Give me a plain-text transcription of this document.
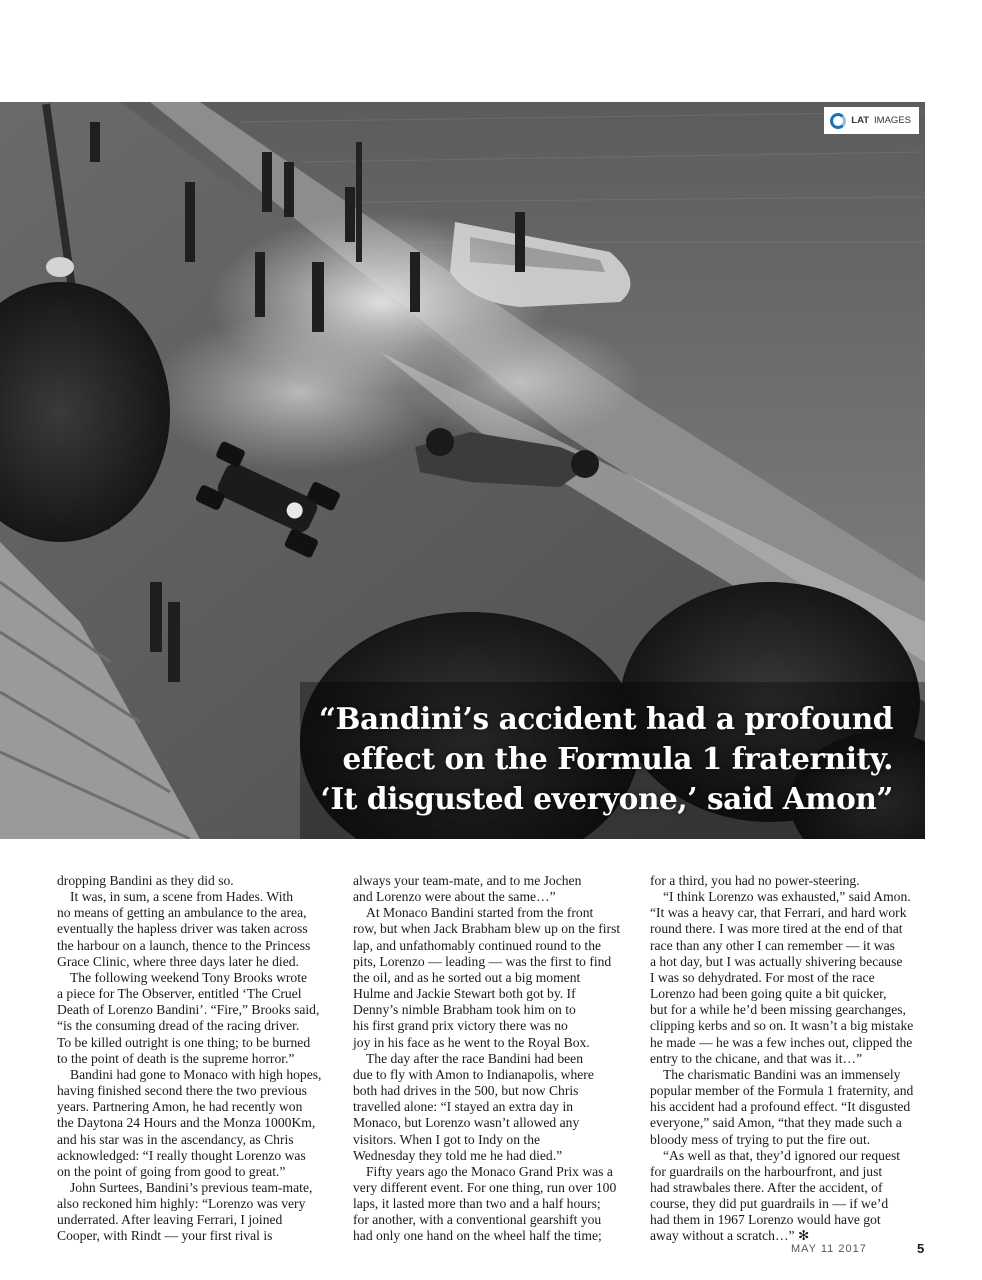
LAT IMAGES
“Bandini’s accident had a profound
effect on the Formula 1 fraternity.
‘It disgusted everyone,’ said Amon”
dropping Bandini as they did so.
It was, in sum, a scene from Hades. With
no means of getting an ambulance to the area,
eventually the hapless driver was taken across
the harbour on a launch, thence to the Princess
Grace Clinic, where three days later he died.
The following weekend Tony Brooks wrote
a piece for The Observer, entitled ‘The Cruel
Death of Lorenzo Bandini’. “Fire,” Brooks said,
“is the consuming dread of the racing driver.
To be killed outright is one thing; to be burned
to the point of death is the supreme horror.”
Bandini had gone to Monaco with high hopes,
having finished second there the two previous
years. Partnering Amon, he had recently won
the Daytona 24 Hours and the Monza 1000Km,
and his star was in the ascendancy, as Chris
acknowledged: “I really thought Lorenzo was
on the point of going from good to great.”
John Surtees, Bandini’s previous team-mate,
also reckoned him highly: “Lorenzo was very
underrated. After leaving Ferrari, I joined
Cooper, with Rindt — your first rival is
always your team-mate, and to me Jochen
and Lorenzo were about the same…”
At Monaco Bandini started from the front
row, but when Jack Brabham blew up on the first
lap, and unfathomably continued round to the
pits, Lorenzo — leading — was the first to find
the oil, and as he sorted out a big moment
Hulme and Jackie Stewart both got by. If
Denny’s nimble Brabham took him on to
his first grand prix victory there was no
joy in his face as he went to the Royal Box.
The day after the race Bandini had been
due to fly with Amon to Indianapolis, where
both had drives in the 500, but now Chris
travelled alone: “I stayed an extra day in
Monaco, but Lorenzo wasn’t allowed any
visitors. When I got to Indy on the
Wednesday they told me he had died.”
Fifty years ago the Monaco Grand Prix was a
very different event. For one thing, run over 100
laps, it lasted more than two and a half hours;
for another, with a conventional gearshift you
had only one hand on the wheel half the time;
for a third, you had no power-steering.
“I think Lorenzo was exhausted,” said Amon.
“It was a heavy car, that Ferrari, and hard work
round there. I was more tired at the end of that
race than any other I can remember — it was
a hot day, but I was actually shivering because
I was so dehydrated. For most of the race
Lorenzo had been going quite a bit quicker,
but for a while he’d been missing gearchanges,
clipping kerbs and so on. It wasn’t a big mistake
he made — he was a few inches out, clipped the
entry to the chicane, and that was it…”
The charismatic Bandini was an immensely
popular member of the Formula 1 fraternity, and
his accident had a profound effect. “It disgusted
everyone,” said Amon, “that they made such a
bloody mess of trying to put the fire out.
“As well as that, they’d ignored our request
for guardrails on the harbourfront, and just
had strawbales there. After the accident, of
course, they did put guardrails in — if we’d
had them in 1967 Lorenzo would have got
away without a scratch…” ✻
MAY 11 2017	5
